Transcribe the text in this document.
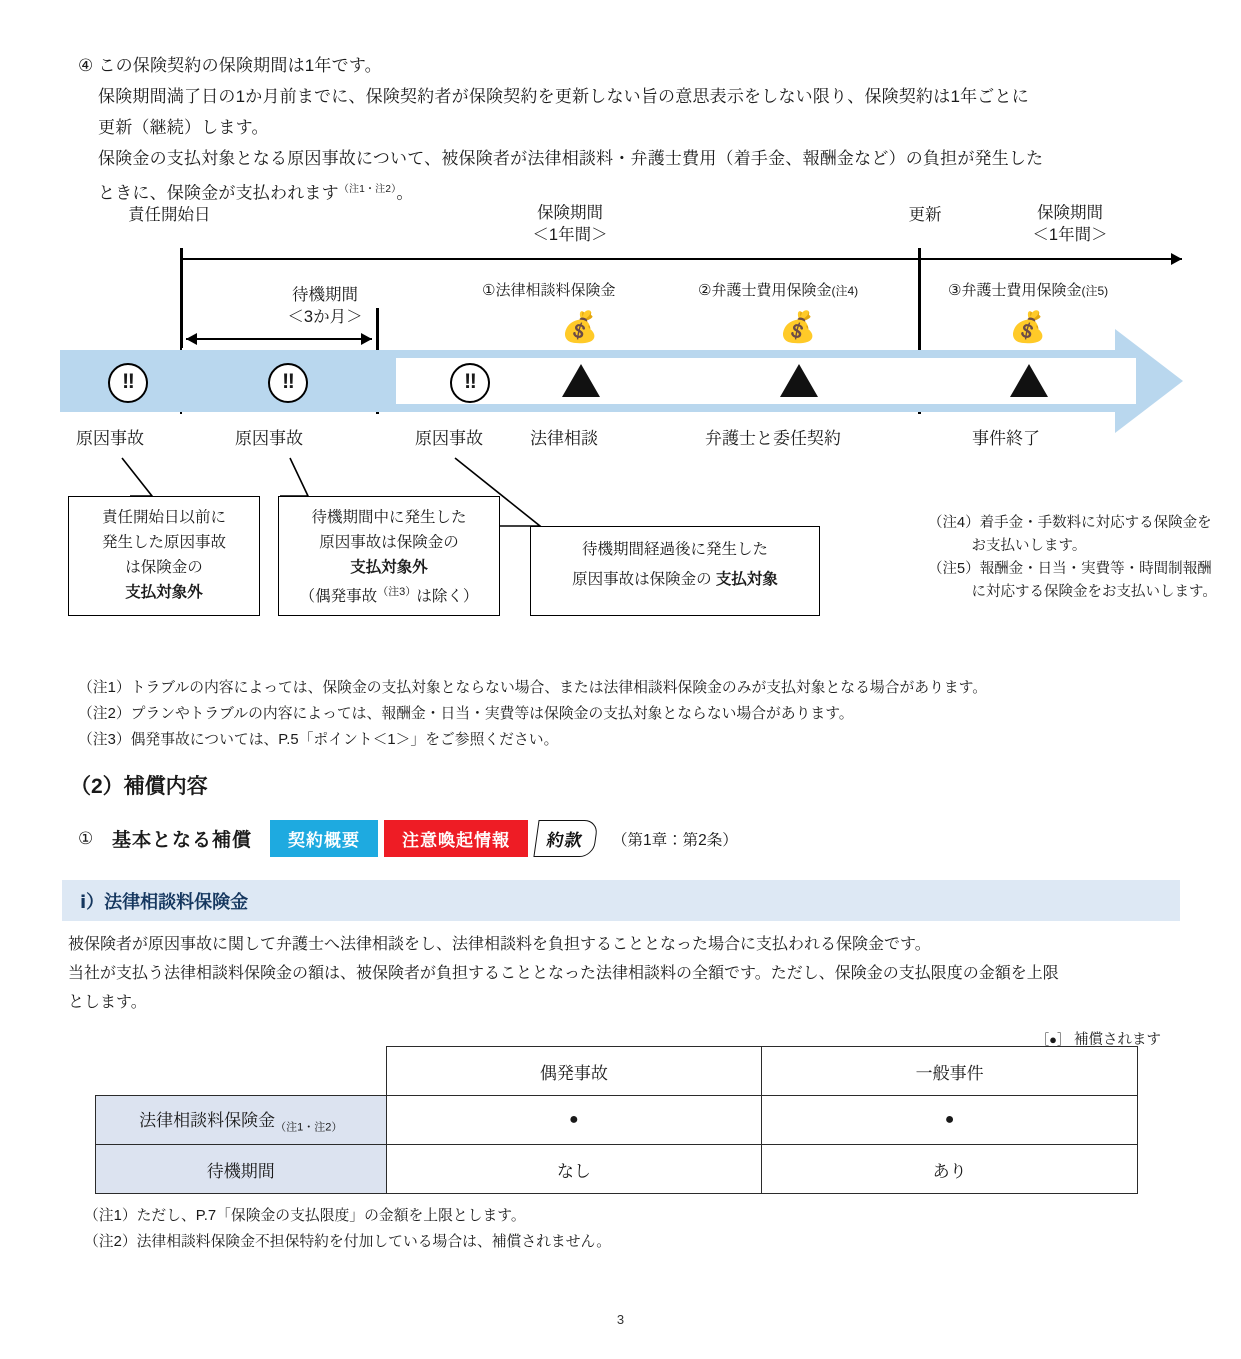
④ この保険契約の保険期間は1年です。
保険期間満了日の1か月前までに、保険契約者が保険契約を更新しない旨の意思表示をしない限り、保険契約は1年ごとに
更新（継続）します。
保険金の支払対象となる原因事故について、被保険者が法律相談料・弁護士費用（着手金、報酬金など）の負担が発生した
ときに、保険金が支払われます$^{(注1・注2)}$。
責任開始日	保険期間
＜1年間＞
更新	保険期間
＜1年間＞
待機期間
＜3か月＞
①法律相談料保険金	②弁護士費用保険金(注4)	③弁護士費用保険金(注5)
💰	💰	💰
‼	‼	‼
原因事故	原因事故	原因事故	法律相談	弁護士と委任契約	事件終了
責任開始日以前に
発生した原因事故
は保険金の
支払対象外
待機期間中に発生した
原因事故は保険金の
支払対象外
（偶発事故$^{(注3)}$は除く）
待機期間経過後に発生した
原因事故は保険金の 支払対象
（注4）着手金・手数料に対応する保険金を
　　　お支払いします。
（注5）報酬金・日当・実費等・時間制報酬
　　　に対応する保険金をお支払いします。
（注1）トラブルの内容によっては、保険金の支払対象とならない場合、または法律相談料保険金のみが支払対象となる場合があります。
（注2）プランやトラブルの内容によっては、報酬金・日当・実費等は保険金の支払対象とならない場合があります。
（注3）偶発事故については、P.5「ポイント＜1＞」をご参照ください。
（2）補償内容
① 基本となる補償	契約概要	注意喚起情報	約款	（第1章：第2条）
ⅰ）法律相談料保険金
被保険者が原因事故に関して弁護士へ法律相談をし、法律相談料を負担することとなった場合に支払われる保険金です。
当社が支払う法律相談料保険金の額は、被保険者が負担することとなった法律相談料の全額です。ただし、保険金の支払限度の金額を上限
とします。
［●］ 補償されます
	偶発事故	一般事件
法律相談料保険金$_{(注1・注2)}$	●	●
待機期間	なし	あり
（注1）ただし、P.7「保険金の支払限度」の金額を上限とします。
（注2）法律相談料保険金不担保特約を付加している場合は、補償されません。
3
